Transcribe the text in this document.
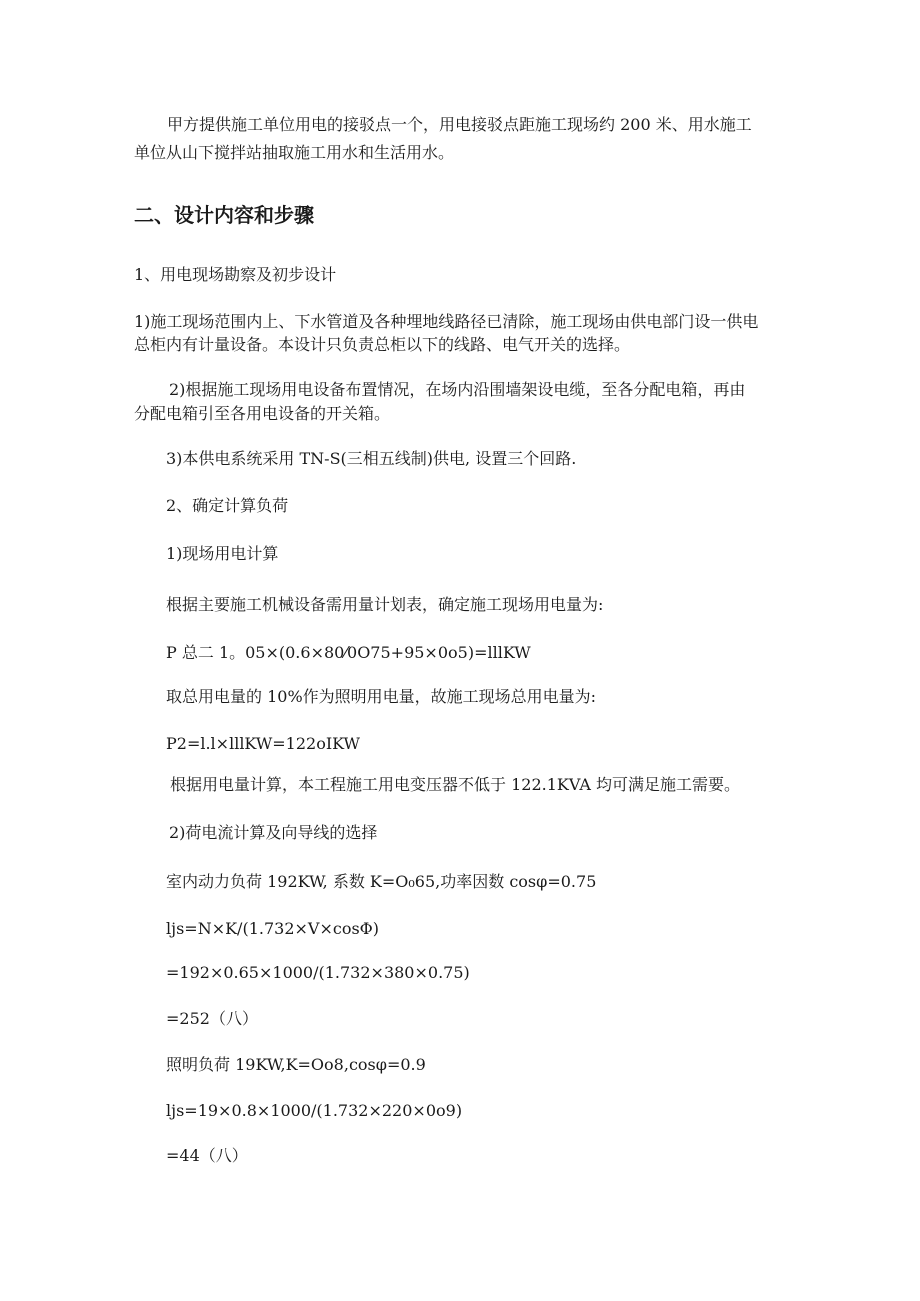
甲方提供施工单位用电的接驳点一个，用电接驳点距施工现场约 200 米、用水施工
单位从山下搅拌站抽取施工用水和生活用水。
二、设计内容和步骤
1、用电现场勘察及初步设计
1)施工现场范围内上、下水管道及各种埋地线路径已清除，施工现场由供电部门设一供电
总柜内有计量设备。本设计只负责总柜以下的线路、电气开关的选择。
2)根据施工现场用电设备布置情况，在场内沿围墙架设电缆，至各分配电箱，再由
分配电箱引至各用电设备的开关箱。
3)本供电系统采用 TN-S(三相五线制)供电, 设置三个回路.
2、确定计算负荷
1)现场用电计算
根据主要施工机械设备需用量计划表，确定施工现场用电量为:
P 总二 1。05×(0.6×80⁄0O75+95×0o5)=lllKW
取总用电量的 10%作为照明用电量，故施工现场总用电量为:
P2=l.l×lllKW=122oIKW
根据用电量计算，本工程施工用电变压器不低于 122.1KVA 均可满足施工需要。
2)荷电流计算及向导线的选择
室内动力负荷 192KW, 系数 K=O₀65,功率因数 cosφ=0.75
ljs=N×K/(1.732×V×cosΦ)
=192×0.65×1000/(1.732×380×0.75)
=252（八）
照明负荷 19KW,K=Oo8,cosφ=0.9
ljs=19×0.8×1000/(1.732×220×0o9)
=44（八）
